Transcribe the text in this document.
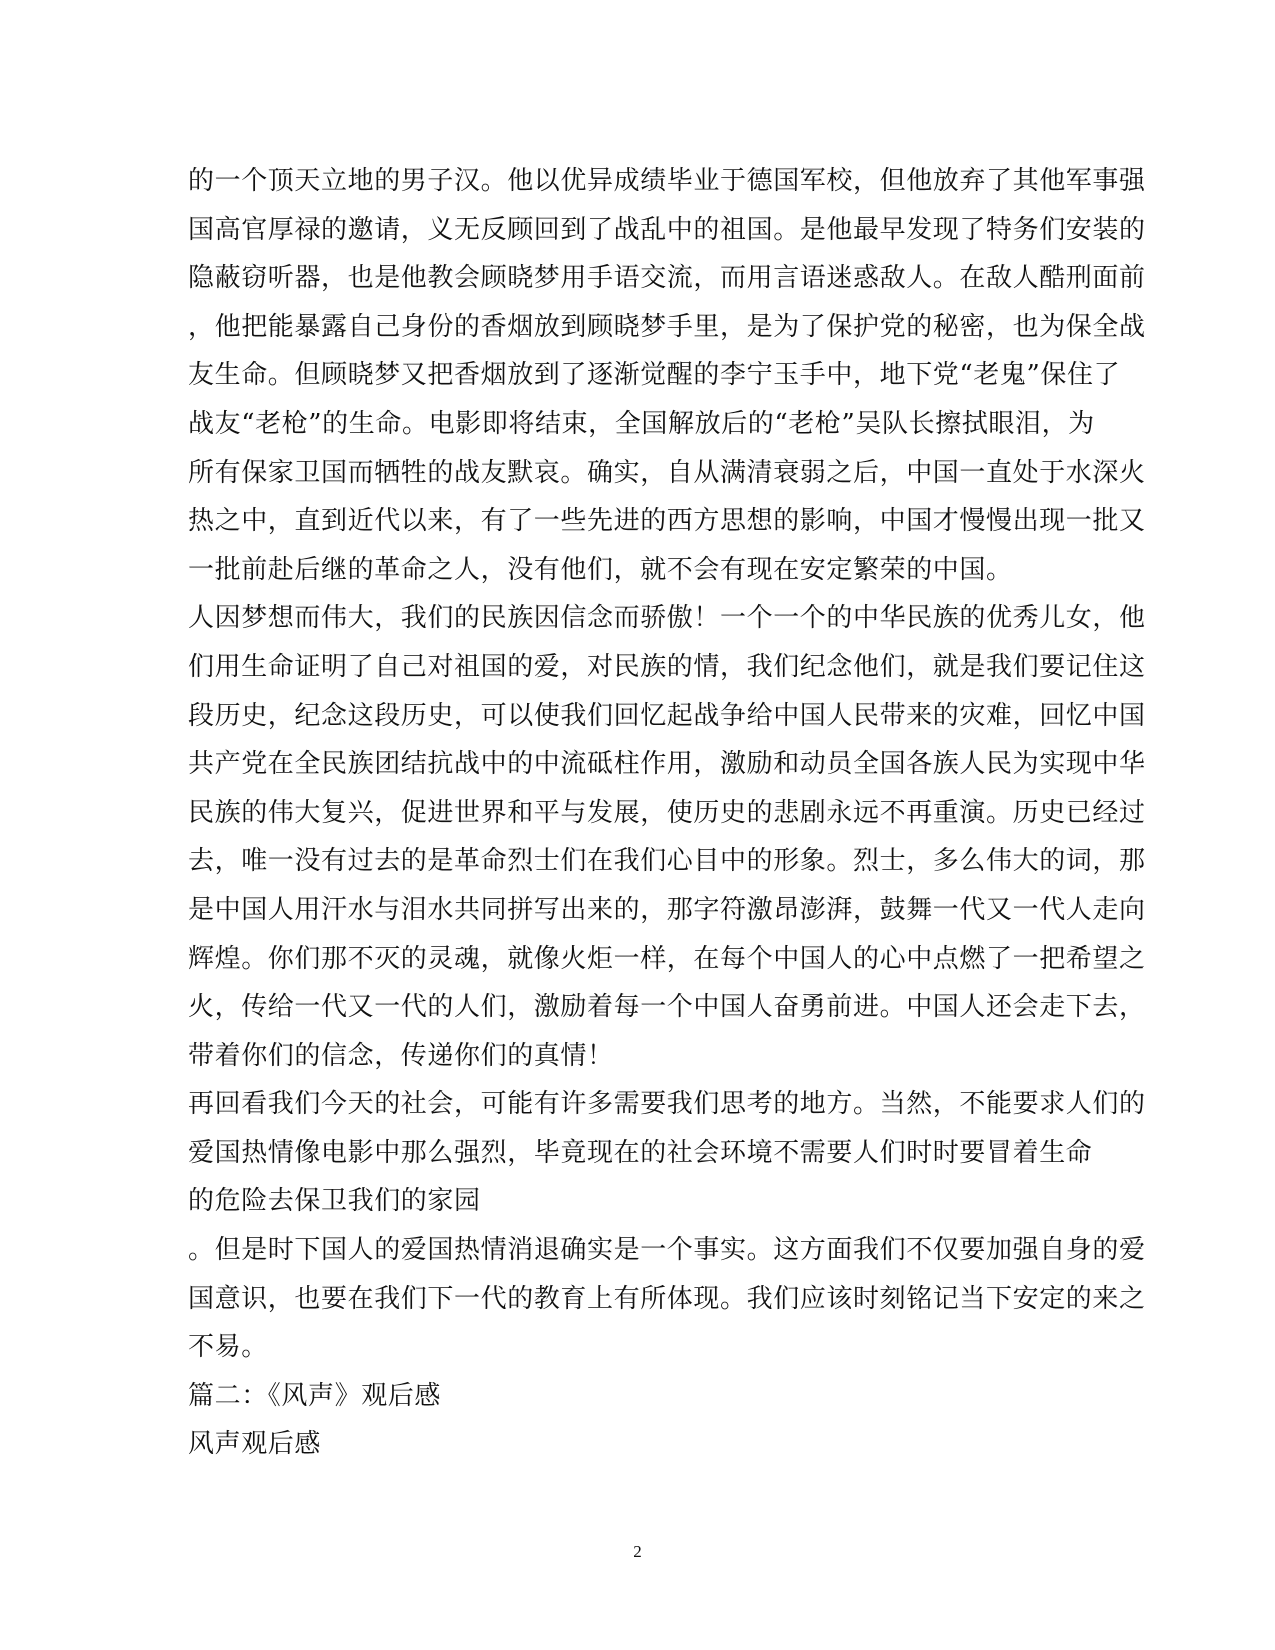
的一个顶天立地的男子汉。他以优异成绩毕业于德国军校，但他放弃了其他军事强
国高官厚禄的邀请，义无反顾回到了战乱中的祖国。是他最早发现了特务们安装的
隐蔽窃听器，也是他教会顾晓梦用手语交流，而用言语迷惑敌人。在敌人酷刑面前
，他把能暴露自己身份的香烟放到顾晓梦手里，是为了保护党的秘密，也为保全战
友生命。但顾晓梦又把香烟放到了逐渐觉醒的李宁玉手中，地下党“老鬼”保住了
战友“老枪”的生命。电影即将结束，全国解放后的“老枪”吴队长擦拭眼泪，为
所有保家卫国而牺牲的战友默哀。确实，自从满清衰弱之后，中国一直处于水深火
热之中，直到近代以来，有了一些先进的西方思想的影响，中国才慢慢出现一批又
一批前赴后继的革命之人，没有他们，就不会有现在安定繁荣的中国。
人因梦想而伟大，我们的民族因信念而骄傲！一个一个的中华民族的优秀儿女，他
们用生命证明了自己对祖国的爱，对民族的情，我们纪念他们，就是我们要记住这
段历史，纪念这段历史，可以使我们回忆起战争给中国人民带来的灾难，回忆中国
共产党在全民族团结抗战中的中流砥柱作用，激励和动员全国各族人民为实现中华
民族的伟大复兴，促进世界和平与发展，使历史的悲剧永远不再重演。历史已经过
去，唯一没有过去的是革命烈士们在我们心目中的形象。烈士，多么伟大的词，那
是中国人用汗水与泪水共同拼写出来的，那字符激昂澎湃，鼓舞一代又一代人走向
辉煌。你们那不灭的灵魂，就像火炬一样，在每个中国人的心中点燃了一把希望之
火，传给一代又一代的人们，激励着每一个中国人奋勇前进。中国人还会走下去，
带着你们的信念，传递你们的真情！
再回看我们今天的社会，可能有许多需要我们思考的地方。当然，不能要求人们的
爱国热情像电影中那么强烈，毕竟现在的社会环境不需要人们时时要冒着生命
的危险去保卫我们的家园
。但是时下国人的爱国热情消退确实是一个事实。这方面我们不仅要加强自身的爱
国意识，也要在我们下一代的教育上有所体现。我们应该时刻铭记当下安定的来之
不易。
篇二：《风声》观后感
风声观后感
2
